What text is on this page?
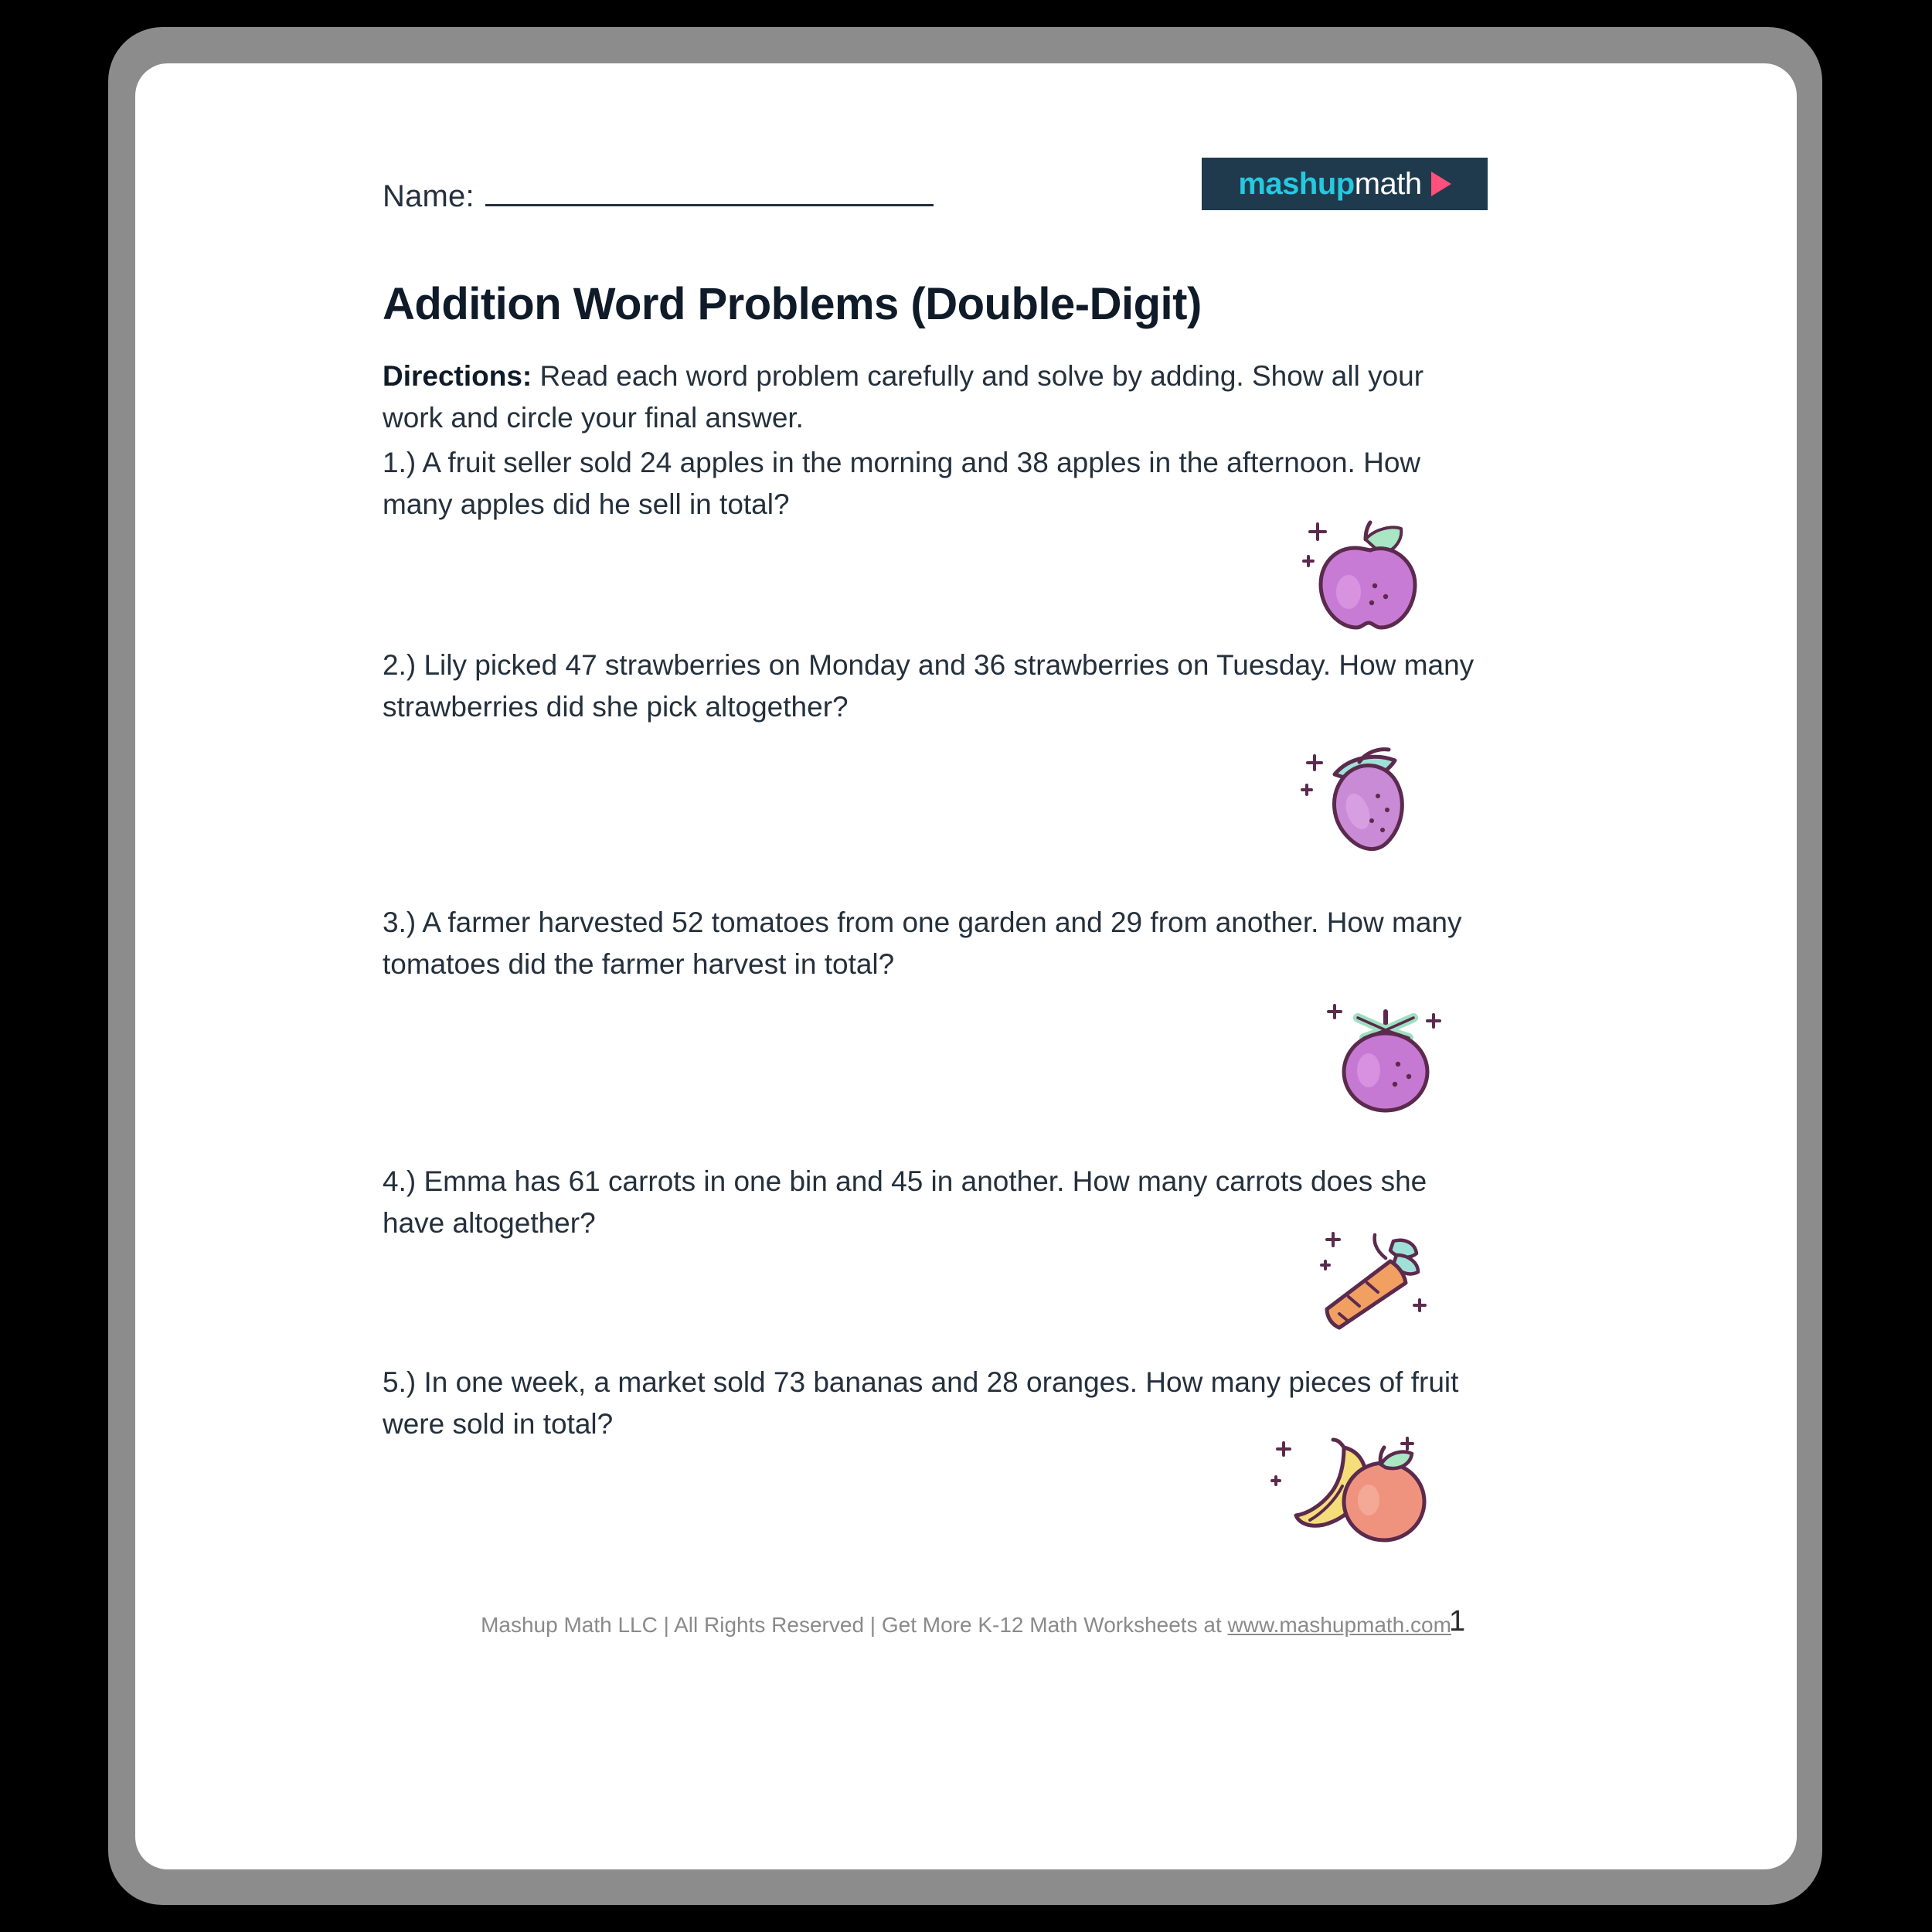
Name:	mashup math
Addition Word Problems (Double-Digit)
Directions: Read each word problem carefully and solve by adding. Show all your work and circle your final answer.
1.) A fruit seller sold 24 apples in the morning and 38 apples in the afternoon. How many apples did he sell in total?
2.) Lily picked 47 strawberries on Monday and 36 strawberries on Tuesday. How many strawberries did she pick altogether?
3.) A farmer harvested 52 tomatoes from one garden and 29 from another. How many tomatoes did the farmer harvest in total?
4.) Emma has 61 carrots in one bin and 45 in another. How many carrots does she have altogether?
5.) In one week, a market sold 73 bananas and 28 oranges. How many pieces of fruit were sold in total?
Mashup Math LLC | All Rights Reserved | Get More K-12 Math Worksheets at www.mashupmath.com
1
